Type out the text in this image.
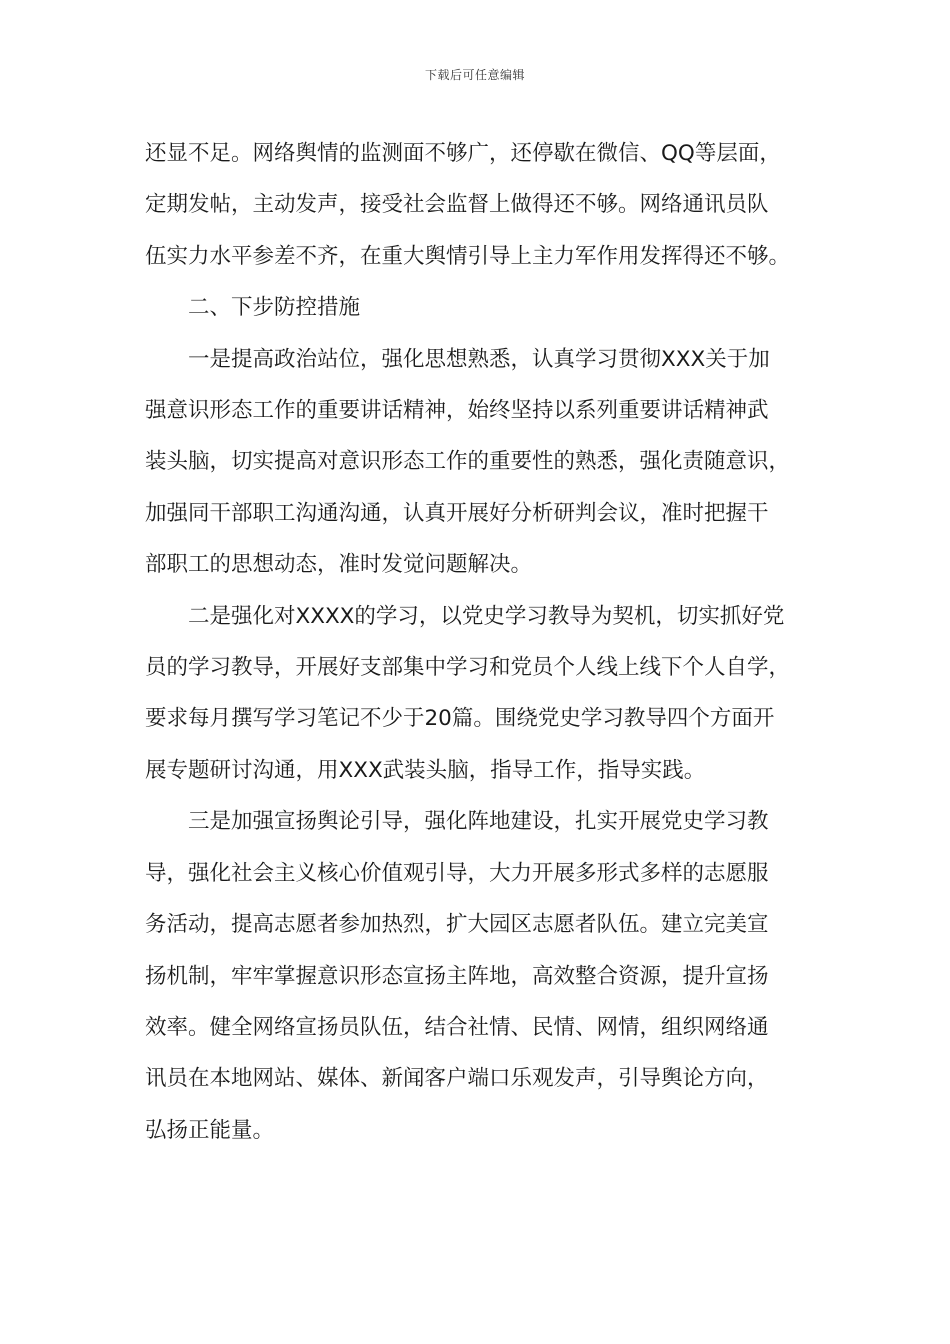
下载后可任意编辑
还显不足。网络舆情的监测面不够广，还停歇在微信、QQ等层面，
定期发帖，主动发声，接受社会监督上做得还不够。网络通讯员队
伍实力水平参差不齐，在重大舆情引导上主力军作用发挥得还不够。
二、下步防控措施
一是提高政治站位，强化思想熟悉，认真学习贯彻XXX关于加
强意识形态工作的重要讲话精神，始终坚持以系列重要讲话精神武
装头脑，切实提高对意识形态工作的重要性的熟悉，强化责随意识，
加强同干部职工沟通沟通，认真开展好分析研判会议，准时把握干
部职工的思想动态，准时发觉问题解决。
二是强化对XXXX的学习，以党史学习教导为契机，切实抓好党
员的学习教导，开展好支部集中学习和党员个人线上线下个人自学，
要求每月撰写学习笔记不少于20篇。围绕党史学习教导四个方面开
展专题研讨沟通，用XXX武装头脑，指导工作，指导实践。
三是加强宣扬舆论引导，强化阵地建设，扎实开展党史学习教
导，强化社会主义核心价值观引导，大力开展多形式多样的志愿服
务活动，提高志愿者参加热烈，扩大园区志愿者队伍。建立完美宣
扬机制，牢牢掌握意识形态宣扬主阵地，高效整合资源，提升宣扬
效率。健全网络宣扬员队伍，结合社情、民情、网情，组织网络通
讯员在本地网站、媒体、新闻客户端口乐观发声，引导舆论方向，
弘扬正能量。
